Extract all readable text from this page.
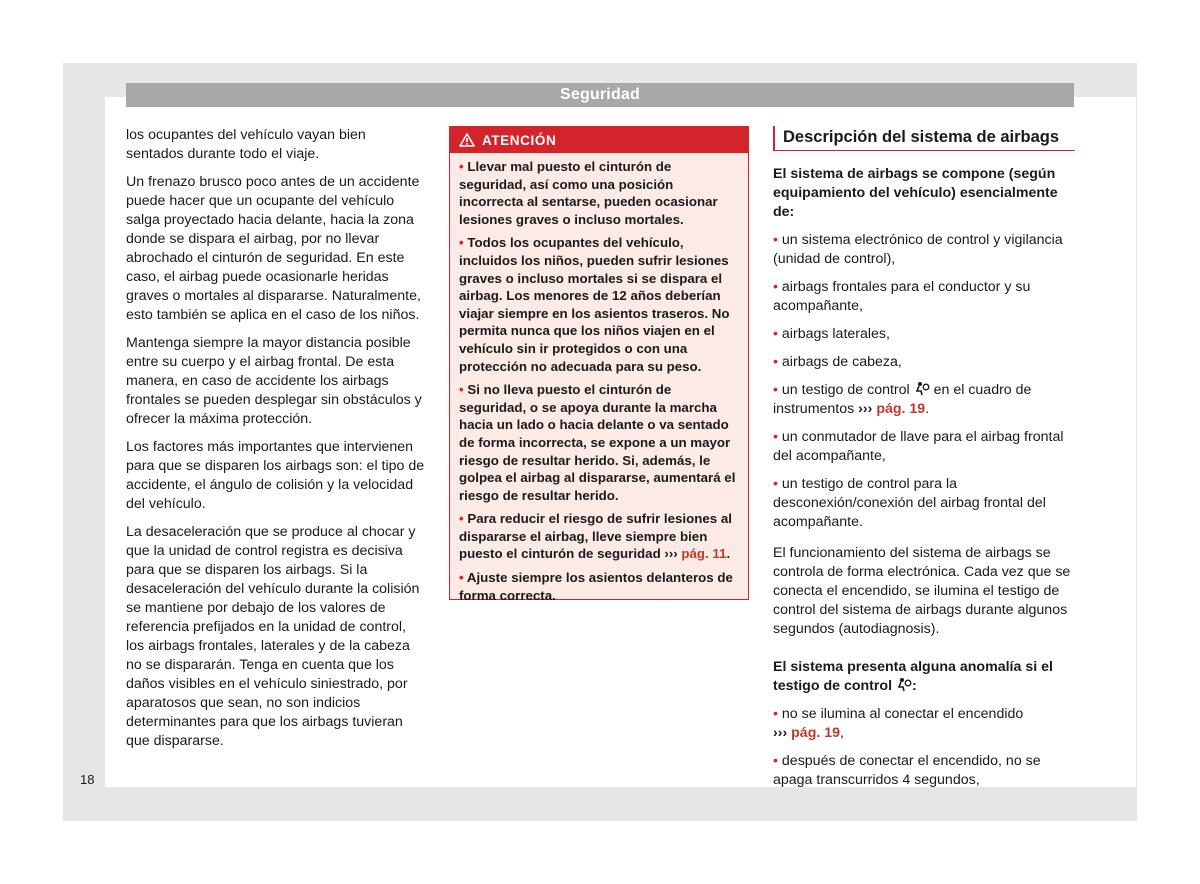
Seguridad

los ocupantes del vehículo vayan bien sentados durante todo el viaje.

Un frenazo brusco poco antes de un accidente puede hacer que un ocupante del vehículo salga proyectado hacia delante, hacia la zona donde se dispara el airbag, por no llevar abrochado el cinturón de seguridad. En este caso, el airbag puede ocasionarle heridas graves o mortales al dispararse. Naturalmente, esto también se aplica en el caso de los niños.

Mantenga siempre la mayor distancia posible entre su cuerpo y el airbag frontal. De esta manera, en caso de accidente los airbags frontales se pueden desplegar sin obstáculos y ofrecer la máxima protección.

Los factores más importantes que intervienen para que se disparen los airbags son: el tipo de accidente, el ángulo de colisión y la velocidad del vehículo.

La desaceleración que se produce al chocar y que la unidad de control registra es decisiva para que se disparen los airbags. Si la desaceleración del vehículo durante la colisión se mantiene por debajo de los valores de referencia prefijados en la unidad de control, los airbags frontales, laterales y de la cabeza no se dispararán. Tenga en cuenta que los daños visibles en el vehículo siniestrado, por aparatosos que sean, no son indicios determinantes para que los airbags tuvieran que dispararse.

ATENCIÓN

• Llevar mal puesto el cinturón de seguridad, así como una posición incorrecta al sentarse, pueden ocasionar lesiones graves o incluso mortales.

• Todos los ocupantes del vehículo, incluidos los niños, pueden sufrir lesiones graves o incluso mortales si se dispara el airbag. Los menores de 12 años deberían viajar siempre en los asientos traseros. No permita nunca que los niños viajen en el vehículo sin ir protegidos o con una protección no adecuada para su peso.

• Si no lleva puesto el cinturón de seguridad, o se apoya durante la marcha hacia un lado o hacia delante o va sentado de forma incorrecta, se expone a un mayor riesgo de resultar herido. Si, además, le golpea el airbag al dispararse, aumentará el riesgo de resultar herido.

• Para reducir el riesgo de sufrir lesiones al dispararse el airbag, lleve siempre bien puesto el cinturón de seguridad ››› pág. 11.

• Ajuste siempre los asientos delanteros de forma correcta.

Descripción del sistema de airbags

El sistema de airbags se compone (según equipamiento del vehículo) esencialmente de:

• un sistema electrónico de control y vigilancia (unidad de control),

• airbags frontales para el conductor y su acompañante,

• airbags laterales,

• airbags de cabeza,

• un testigo de control en el cuadro de instrumentos ››› pág. 19.

• un conmutador de llave para el airbag frontal del acompañante,

• un testigo de control para la desconexión/conexión del airbag frontal del acompañante.

El funcionamiento del sistema de airbags se controla de forma electrónica. Cada vez que se conecta el encendido, se ilumina el testigo de control del sistema de airbags durante algunos segundos (autodiagnosis).

El sistema presenta alguna anomalía si el testigo de control :

• no se ilumina al conectar el encendido
››› pág. 19,

• después de conectar el encendido, no se apaga transcurridos 4 segundos,

18
